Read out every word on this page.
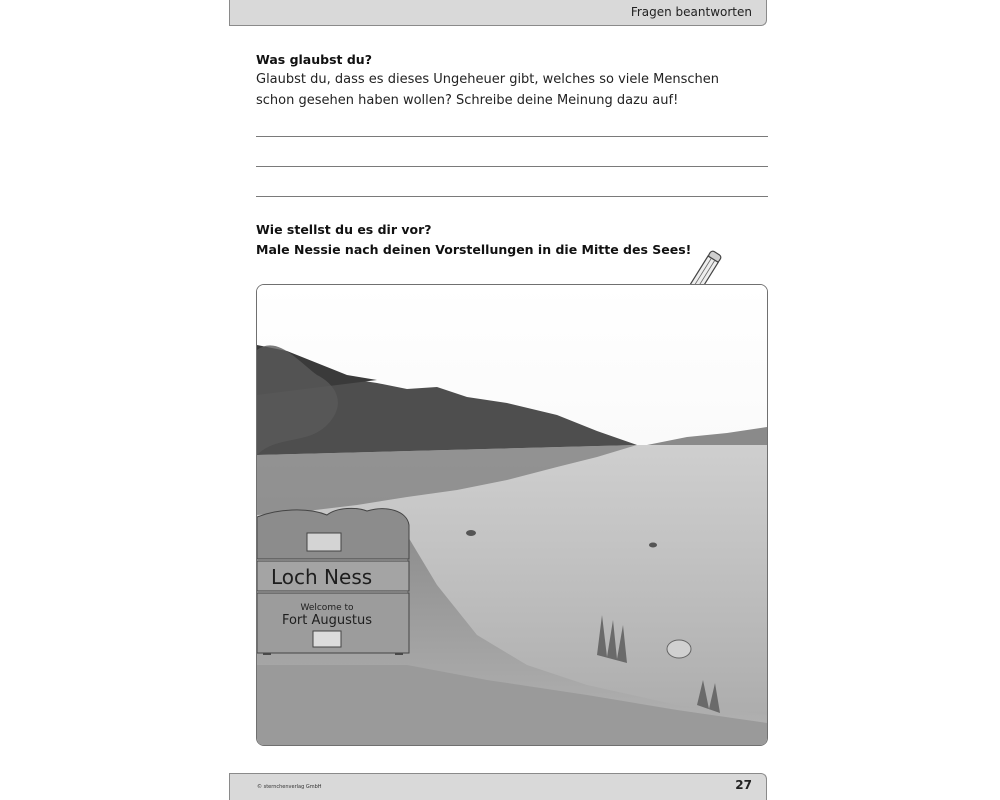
Fragen beantworten
Was glaubst du?
Glaubst du, dass es dieses Ungeheuer gibt, welches so viele Menschen schon gesehen haben wollen? Schreibe deine Meinung dazu auf!
Wie stellst du es dir vor?
Male Nessie nach deinen Vorstellungen in die Mitte des Sees!
Loch Ness
Welcome to
Fort Augustus
© sternchenverlag GmbH	27
